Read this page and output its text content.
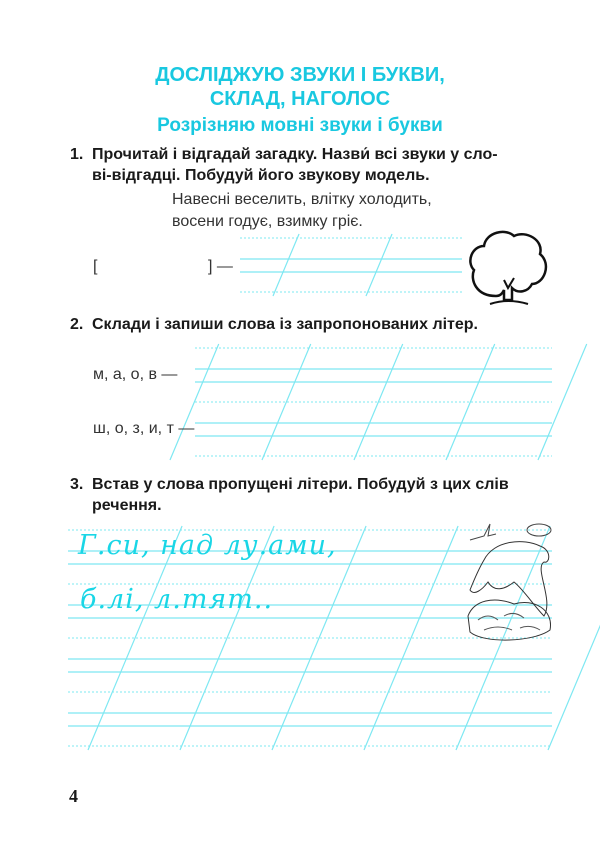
ДОСЛІДЖУЮ ЗВУКИ І БУКВИ,
СКЛАД, НАГОЛОС
Розрізняю мовні звуки і букви
1. Прочитай і відгадай загадку. Назви́ всі звуки у сло-
ві-відгадці. Побудуй його звукову модель.
Навесні веселить, влітку холодить,
восени годує, взимку гріє.
[	] —
2. Склади і запиши слова із запропонованих літер.
м, а, о, в —
ш, о, з, и, т —
3. Встав у слова пропущені літери. Побудуй з цих слів
речення.
Г.си, над лу.ами,
б.лі, л.тят..
4
